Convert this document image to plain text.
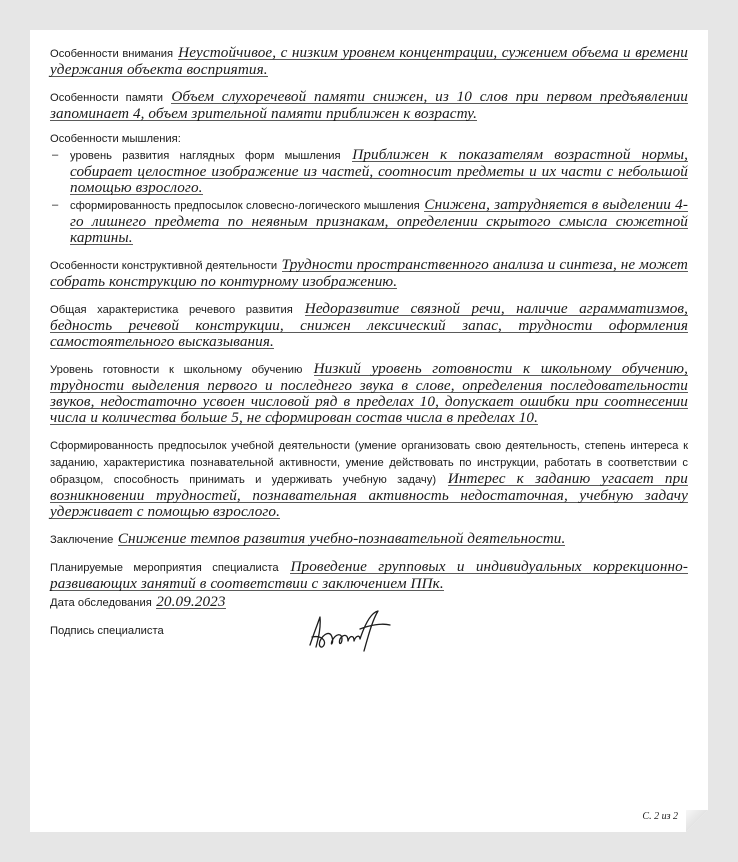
Особенности внимания Неустойчивое, с низким уровнем концентрации, сужением объема и времени удержания объекта восприятия.
Особенности памяти Объем слухоречевой памяти снижен, из 10 слов при первом предъявлении запоминает 4, объем зрительной памяти приближен к возрасту.
Особенности мышления:
–	уровень развития наглядных форм мышления Приближен к показателям возрастной нормы, собирает целостное изображение из частей, соотносит предметы и их части с небольшой помощью взрослого.
–	сформированность предпосылок словесно-логического мышления Снижена, затрудняется в выделении 4-го лишнего предмета по неявным признакам, определении скрытого смысла сюжетной картины.
Особенности конструктивной деятельности Трудности пространственного анализа и синтеза, не может собрать конструкцию по контурному изображению.
Общая характеристика речевого развития Недоразвитие связной речи, наличие аграмматизмов, бедность речевой конструкции, снижен лексический запас, трудности оформления самостоятельного высказывания.
Уровень готовности к школьному обучению Низкий уровень готовности к школьному обучению, трудности выделения первого и последнего звука в слове, определения последовательности звуков, недостаточно усвоен числовой ряд в пределах 10, допускает ошибки при соотнесении числа и количества больше 5, не сформирован состав числа в пределах 10.
Сформированность предпосылок учебной деятельности (умение организовать свою деятельность, степень интереса к заданию, характеристика познавательной активности, умение действовать по инструкции, работать в соответствии с образцом, способность принимать и удерживать учебную задачу) Интерес к заданию угасает при возникновении трудностей, познавательная активность недостаточная, учебную задачу удерживает с помощью взрослого.
Заключение Снижение темпов развития учебно-познавательной деятельности.
Планируемые мероприятия специалиста Проведение групповых и индивидуальных коррекционно-развивающих занятий в соответствии с заключением ППк.
Дата обследования 20.09.2023
Подпись специалиста
С. 2 из 2
